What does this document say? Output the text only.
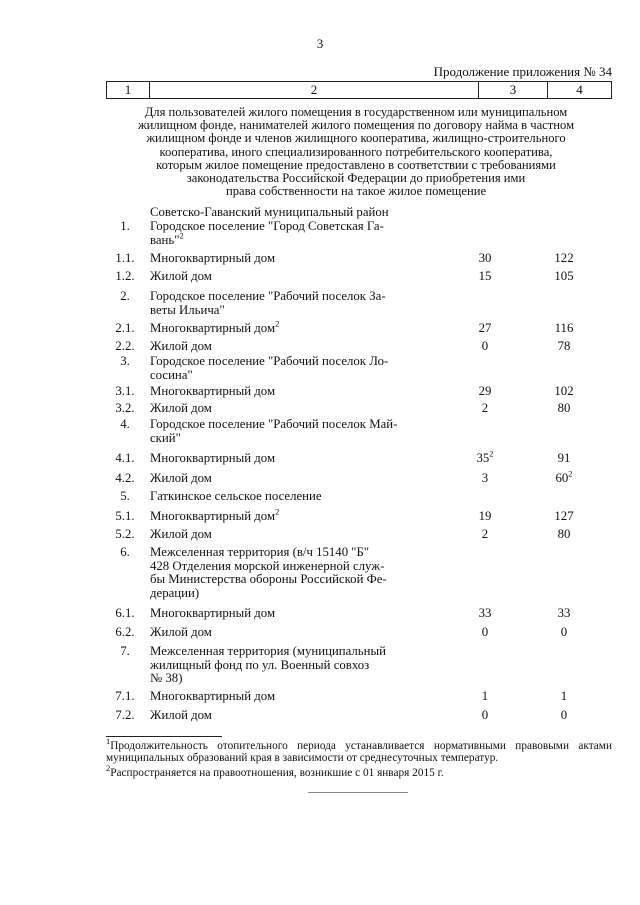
3
Продолжение приложения № 34
1	2	3	4
Для пользователей жилого помещения в государственном или муниципальном
жилищном фонде, нанимателей жилого помещения по договору найма в частном
жилищном фонде и членов жилищного кооператива, жилищно-строительного
кооператива, иного специализированного потребительского кооператива,
которым жилое помещение предоставлено в соответствии с требованиями
законодательства Российской Федерации до приобретения ими
права собственности на такое жилое помещение
Советско-Гаванский муниципальный район
1.	Городское поселение "Город Советская Га-
вань"$^2$
1.1.	Многоквартирный дом	30	122
1.2.	Жилой дом	15	105
2.	Городское поселение "Рабочий поселок За-
веты Ильича"
2.1.	Многоквартирный дом$^2$	27	116
2.2.	Жилой дом	0	78
3.	Городское поселение "Рабочий поселок Ло-
сосина"
3.1.	Многоквартирный дом	29	102
3.2.	Жилой дом	2	80
4.	Городское поселение "Рабочий поселок Май-
ский"
4.1.	Многоквартирный дом	$35^2$	91
4.2.	Жилой дом	3	$60^2$
5.	Гаткинское сельское поселение
5.1.	Многоквартирный дом$^2$	19	127
5.2.	Жилой дом	2	80
6.	Межселенная территория (в/ч 15140 "Б"
428 Отделения морской инженерной служ-
бы Министерства обороны Российской Фе-
дерации)
6.1.	Многоквартирный дом	33	33
6.2.	Жилой дом	0	0
7.	Межселенная территория (муниципальный
жилищный фонд по ул. Военный совхоз
№ 38)
7.1.	Многоквартирный дом	1	1
7.2.	Жилой дом	0	0
$^1$Продолжительность отопительного периода устанавливается нормативными правовыми актами муниципальных образований края в зависимости от среднесуточных температур.
$^2$Распространяется на правоотношения, возникшие с 01 января 2015 г.
